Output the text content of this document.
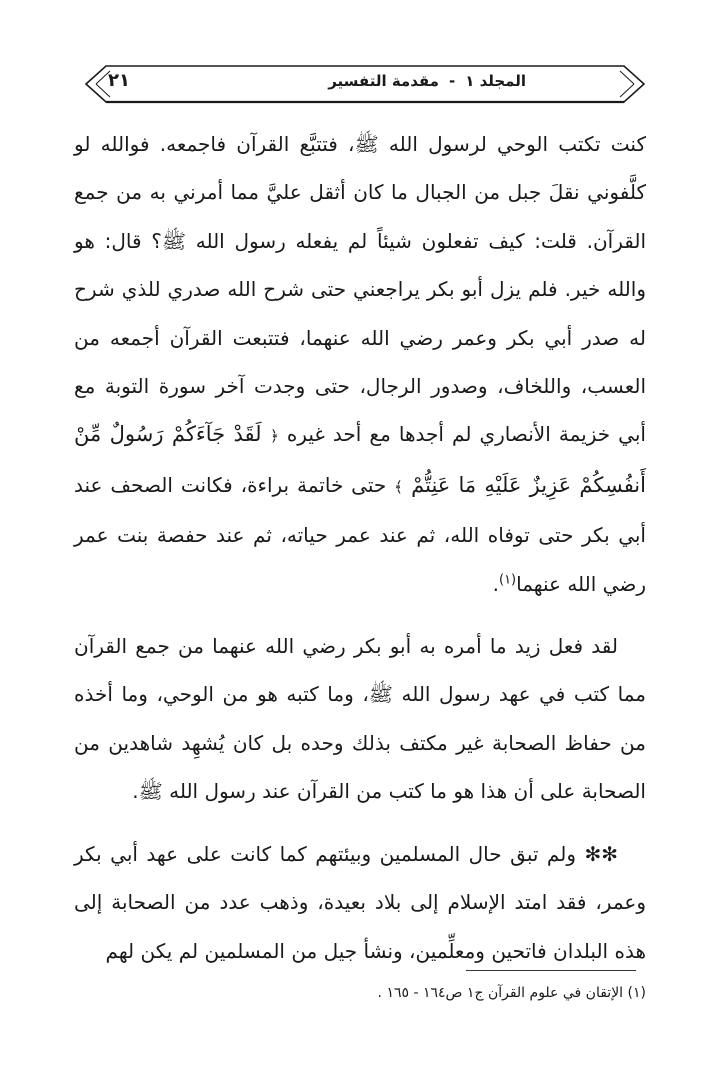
المجلد ١-مقدمة التفسير
٢١

كنت تكتب الوحي لرسول الله ﷺ، فتتبَّع القرآن فاجمعه. فوالله لو كلَّفوني نقلَ جبل من الجبال ما كان أثقل عليَّ مما أمرني به من جمع القرآن. قلت: كيف تفعلون شيئاً لم يفعله رسول الله ﷺ؟ قال: هو والله خير. فلم يزل أبو بكر يراجعني حتى شرح الله صدري للذي شرح له صدر أبي بكر وعمر رضي الله عنهما، فتتبعت القرآن أجمعه من العسب، واللخاف، وصدور الرجال، حتى وجدت آخر سورة التوبة مع أبي خزيمة الأنصاري لم أجدها مع أحد غيره ﴿ لَقَدْ جَآءَكُمْ رَسُولٌ مِّنْ أَنفُسِكُمْ عَزِيزٌ عَلَيْهِ مَا عَنِتُّمْ ﴾ حتى خاتمة براءة، فكانت الصحف عند أبي بكر حتى توفاه الله، ثم عند عمر حياته، ثم عند حفصة بنت عمر رضي الله عنهما$^{(١)}$.

لقد فعل زيد ما أمره به أبو بكر رضي الله عنهما من جمع القرآن مما كتب في عهد رسول الله ﷺ، وما كتبه هو من الوحي، وما أخذه من حفاظ الصحابة غير مكتف بذلك وحده بل كان يُشهِد شاهدين من الصحابة على أن هذا هو ما كتب من القرآن عند رسول الله ﷺ.

✻✻ ولم تبق حال المسلمين وبيئتهم كما كانت على عهد أبي بكر وعمر، فقد امتد الإسلام إلى بلاد بعيدة، وذهب عدد من الصحابة إلى هذه البلدان فاتحين ومعلِّمين، ونشأ جيل من المسلمين لم يكن لهم

(١) الإتقان في علوم القرآن ج١ ص١٦٤ - ١٦٥ .
